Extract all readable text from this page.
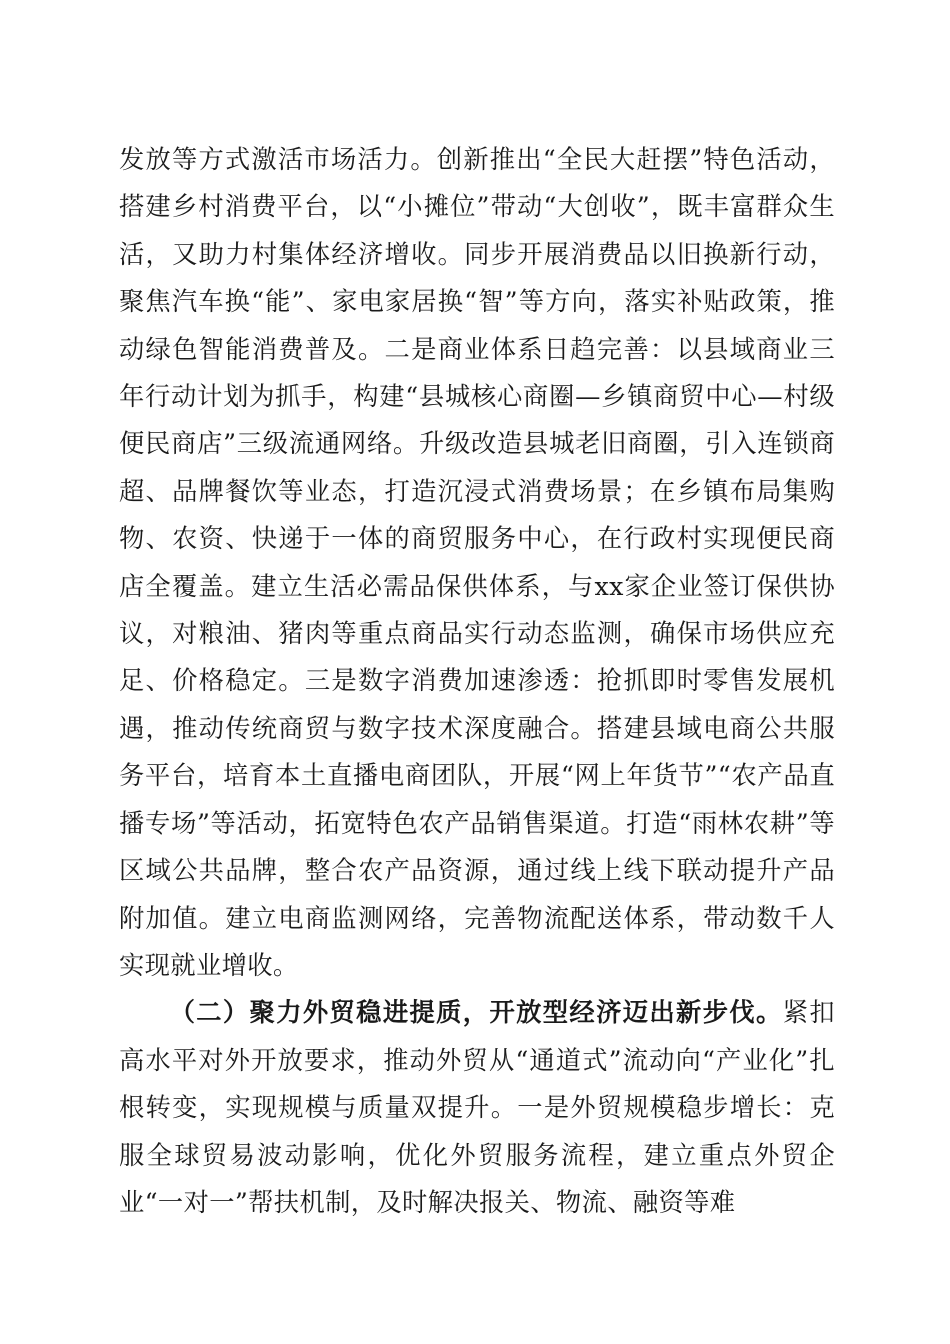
发放等方式激活市场活力。创新推出“全民大赶摆”特色活动，搭建乡村消费平台，以“小摊位”带动“大创收”，既丰富群众生活，又助力村集体经济增收。同步开展消费品以旧换新行动，聚焦汽车换“能”、家电家居换“智”等方向，落实补贴政策，推动绿色智能消费普及。二是商业体系日趋完善：以县域商业三年行动计划为抓手，构建“县城核心商圈—乡镇商贸中心—村级便民商店”三级流通网络。升级改造县城老旧商圈，引入连锁商超、品牌餐饮等业态，打造沉浸式消费场景；在乡镇布局集购物、农资、快递于一体的商贸服务中心，在行政村实现便民商店全覆盖。建立生活必需品保供体系，与xx家企业签订保供协议，对粮油、猪肉等重点商品实行动态监测，确保市场供应充足、价格稳定。三是数字消费加速渗透：抢抓即时零售发展机遇，推动传统商贸与数字技术深度融合。搭建县域电商公共服务平台，培育本土直播电商团队，开展“网上年货节”“农产品直播专场”等活动，拓宽特色农产品销售渠道。打造“雨林农耕”等区域公共品牌，整合农产品资源，通过线上线下联动提升产品附加值。建立电商监测网络，完善物流配送体系，带动数千人实现就业增收。

（二）聚力外贸稳进提质，开放型经济迈出新步伐。紧扣高水平对外开放要求，推动外贸从“通道式”流动向“产业化”扎根转变，实现规模与质量双提升。一是外贸规模稳步增长：克服全球贸易波动影响，优化外贸服务流程，建立重点外贸企业“一对一”帮扶机制，及时解决报关、物流、融资等难
